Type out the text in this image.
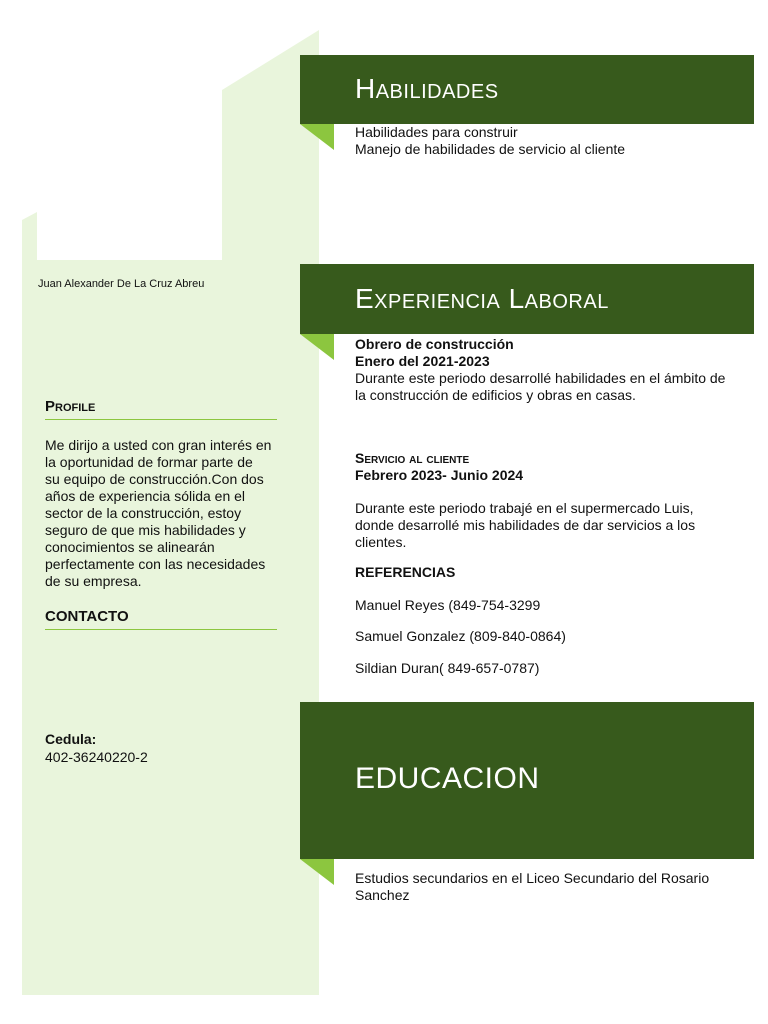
Juan Alexander De La Cruz Abreu
Profile
Me dirijo a usted con gran interés en
la oportunidad de formar parte de
su equipo de construcción.Con dos
años de experiencia sólida en el
sector de la construcción, estoy
seguro de que mis habilidades y
conocimientos se alinearán
perfectamente con las necesidades
de su empresa.
CONTACTO
Cedula:
402-36240220-2
Habilidades
Habilidades para construir
Manejo de habilidades de servicio al cliente
Experiencia Laboral
Obrero de construcción
Enero del 2021-2023
Durante este periodo desarrollé habilidades en el ámbito de la construcción de edificios y obras en casas.
Servicio al cliente
Febrero 2023- Junio 2024
Durante este periodo trabajé en el supermercado Luis, donde desarrollé mis habilidades de dar servicios a los clientes.
REFERENCIAS
Manuel Reyes (849-754-3299
Samuel Gonzalez (809-840-0864)
Sildian Duran( 849-657-0787)
EDUCACION
Estudios secundarios en el Liceo Secundario del Rosario Sanchez
